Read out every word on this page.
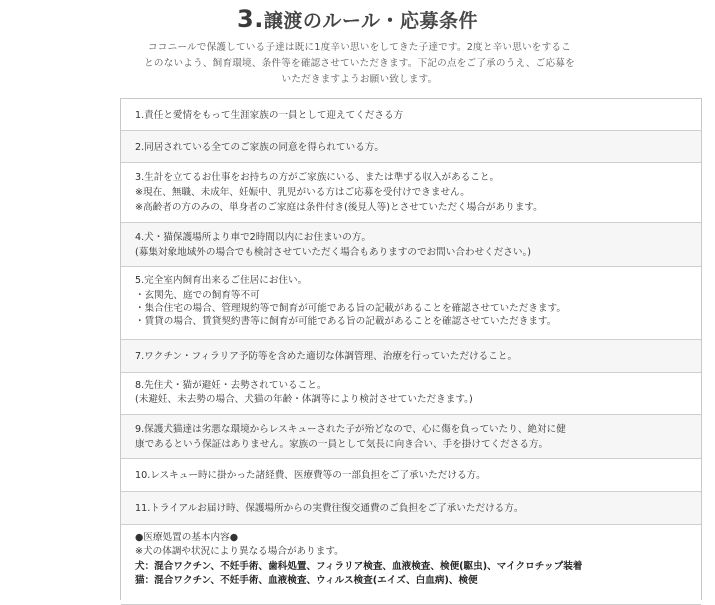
3.譲渡のルール・応募条件
ココニールで保護している子達は既に1度辛い思いをしてきた子達です。2度と辛い思いをするこ
とのないよう、飼育環境、条件等を確認させていただきます。下記の点をご了承のうえ、ご応募を
いただきますようお願い致します。
1.責任と愛情をもって生涯家族の一員として迎えてくださる方
2.同居されている全てのご家族の同意を得られている方。
3.生計を立てるお仕事をお持ちの方がご家族にいる、または準ずる収入があること。
※現在、無職、未成年、妊娠中、乳児がいる方はご応募を受付けできません。
※高齢者の方のみの、単身者のご家庭は条件付き(後見人等)とさせていただく場合があります。
4.犬・猫保護場所より車で2時間以内にお住まいの方。
(募集対象地域外の場合でも検討させていただく場合もありますのでお問い合わせください。)
5.完全室内飼育出来るご住居にお住い。
・玄関先、庭での飼育等不可
・集合住宅の場合、管理規約等で飼育が可能である旨の記載があることを確認させていただきます。
・賃貸の場合、賃貸契約書等に飼育が可能である旨の記載があることを確認させていただきます。
7.ワクチン・フィラリア予防等を含めた適切な体調管理、治療を行っていただけること。
8.先住犬・猫が避妊・去勢されていること。
(未避妊、未去勢の場合、犬猫の年齢・体調等により検討させていただきます。)
9.保護犬猫達は劣悪な環境からレスキューされた子が殆どなので、心に傷を負っていたり、絶対に健
康であるという保証はありません。家族の一員として気長に向き合い、手を掛けてくださる方。
10.レスキュー時に掛かった諸経費、医療費等の一部負担をご了承いただける方。
11.トライアルお届け時、保護場所からの実費往復交通費のご負担をご了承いただける方。
●医療処置の基本内容●
※犬の体調や状況により異なる場合があります。
犬：混合ワクチン、不妊手術、歯科処置、フィラリア検査、血液検査、検便(駆虫)、マイクロチップ装着
猫：混合ワクチン、不妊手術、血液検査、ウィルス検査(エイズ、白血病)、検便
